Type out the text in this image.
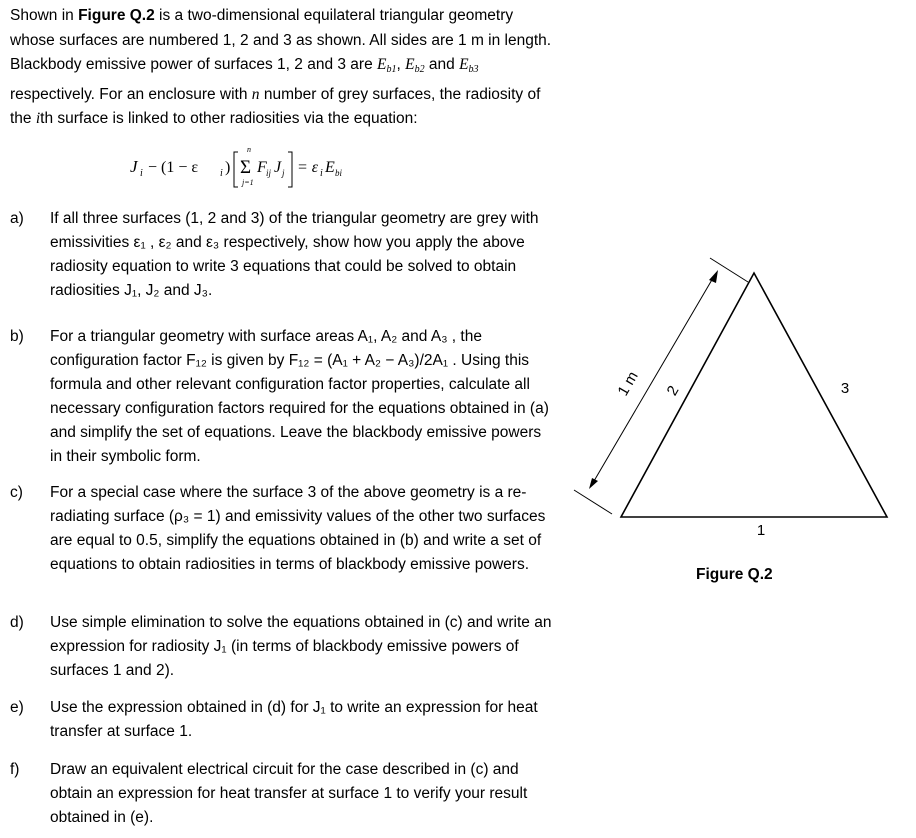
Shown in Figure Q.2 is a two-dimensional equilateral triangular geometry whose surfaces are numbered 1, 2 and 3 as shown. All sides are 1 m in length. Blackbody emissive power of surfaces 1, 2 and 3 are $E_{b1}$, $E_{b2}$ and $E_{b3}$ respectively. For an enclosure with n number of grey surfaces, the radiosity of the ith surface is linked to other radiosities via the equation:

J i − (1 − ε i )
n
Σ
j=1
F ij J j = ε i E bi
a)	If all three surfaces (1, 2 and 3) of the triangular geometry are grey with emissivities ε₁ , ε₂ and ε₃ respectively, show how you apply the above radiosity equation to write 3 equations that could be solved to obtain radiosities J₁, J₂ and J₃.
b)	For a triangular geometry with surface areas A₁, A₂ and A₃ , the configuration factor F₁₂ is given by F₁₂ = (A₁ + A₂ − A₃)/2A₁ . Using this formula and other relevant configuration factor properties, calculate all necessary configuration factors required for the equations obtained in (a) and simplify the set of equations. Leave the blackbody emissive powers in their symbolic form.
c)	For a special case where the surface 3 of the above geometry is a re-radiating surface (ρ₃ = 1) and emissivity values of the other two surfaces are equal to 0.5, simplify the equations obtained in (b) and write a set of equations to obtain radiosities in terms of blackbody emissive powers.
d)	Use simple elimination to solve the equations obtained in (c) and write an expression for radiosity J₁ (in terms of blackbody emissive powers of surfaces 1 and 2).
e)	Use the expression obtained in (d) for J₁ to write an expression for heat transfer at surface 1.
f)	Draw an equivalent electrical circuit for the case described in (c) and obtain an expression for heat transfer at surface 1 to verify your result obtained in (e).
1 m 2	3
1
Figure Q.2
